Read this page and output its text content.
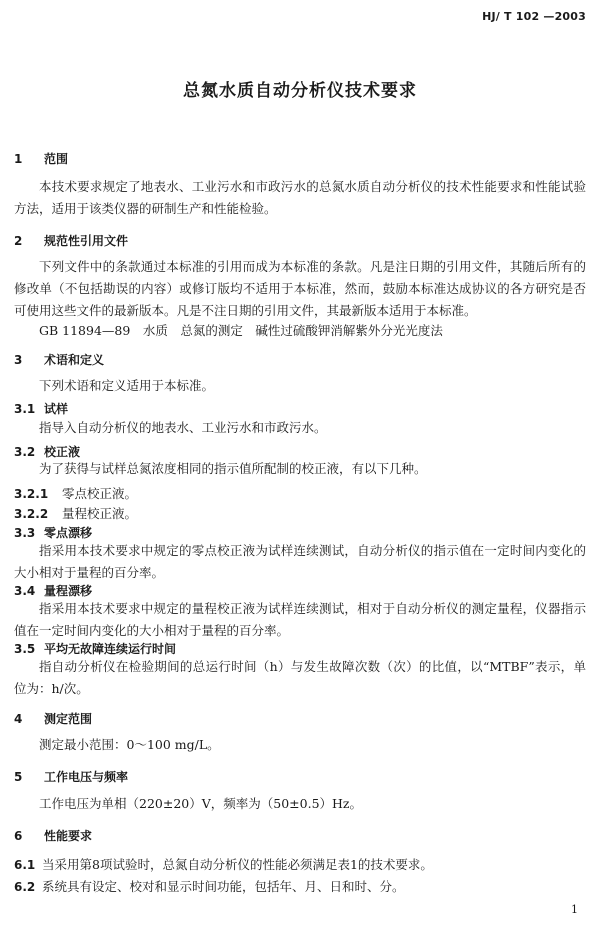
HJ/ T 102 —2003
总氮水质自动分析仪技术要求
1 范围
本技术要求规定了地表水、工业污水和市政污水的总氮水质自动分析仪的技术性能要求和性能试验方法，适用于该类仪器的研制生产和性能检验。
2 规范性引用文件
下列文件中的条款通过本标准的引用而成为本标准的条款。凡是注日期的引用文件，其随后所有的修改单（不包括勘误的内容）或修订版均不适用于本标准，然而，鼓励本标准达成协议的各方研究是否可使用这些文件的最新版本。凡是不注日期的引用文件，其最新版本适用于本标准。
GB 11894—89　水质　总氮的测定　碱性过硫酸钾消解紫外分光光度法
3 术语和定义
下列术语和定义适用于本标准。
3.1 试样
指导入自动分析仪的地表水、工业污水和市政污水。
3.2 校正液
为了获得与试样总氮浓度相同的指示值所配制的校正液，有以下几种。
3.2.1 零点校正液。
3.2.2 量程校正液。
3.3 零点漂移
指采用本技术要求中规定的零点校正液为试样连续测试，自动分析仪的指示值在一定时间内变化的大小相对于量程的百分率。
3.4 量程漂移
指采用本技术要求中规定的量程校正液为试样连续测试，相对于自动分析仪的测定量程，仪器指示值在一定时间内变化的大小相对于量程的百分率。
3.5 平均无故障连续运行时间
指自动分析仪在检验期间的总运行时间（h）与发生故障次数（次）的比值，以“MTBF”表示，单位为：h/次。
4 测定范围
测定最小范围：0～100 mg/L。
5 工作电压与频率
工作电压为单相（220±20）V，频率为（50±0.5）Hz。
6 性能要求
6.1 当采用第8项试验时，总氮自动分析仪的性能必须满足表1的技术要求。
6.2 系统具有设定、校对和显示时间功能，包括年、月、日和时、分。
1
